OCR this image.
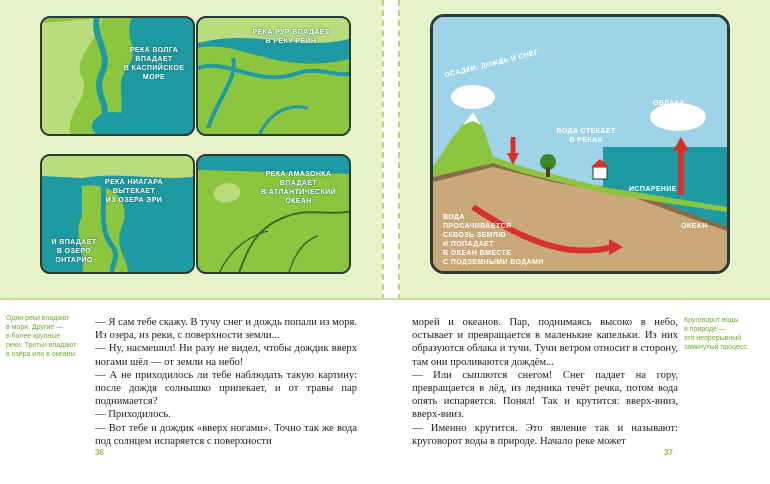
РЕКА ВОЛГА
ВПАДАЕТ
В КАСПИЙСКОЕ
МОРЕ
РЕКА РУР ВПАДАЕТ
В РЕКУ РЕЙН
РЕКА НИАГАРА
ВЫТЕКАЕТ
ИЗ ОЗЕРА ЭРИ
И ВПАДАЕТ
В ОЗЕРО
ОНТАРИО
РЕКА АМАЗОНКА
ВПАДАЕТ
В АТЛАНТИЧЕСКИЙ
ОКЕАН
ОСАДКИ: ДОЖДЬ И СНЕГ
ОБЛАКА
ВОДА СТЕКАЕТ
В РЕКАХ
ИСПАРЕНИЕ
ОКЕАН
ВОДА
ПРОСАЧИВАЕТСЯ
СКВОЗЬ ЗЕМЛЮ
И ПОПАДАЕТ
В ОКЕАН ВМЕСТЕ
С ПОДЗЕМНЫМИ ВОДАМИ
Одни реки впадают
в моря. Другие —
в более крупные
реки. Третьи впадают
в озёра или в океаны
Круговорот воды
в природе —
это непрерывный
замкнутый процесс.

— Я сам тебе скажу. В тучу снег и дождь попали из моря. Из озера, из реки, с поверхности земли...

— Ну, насмешил! Ни разу не видел, чтобы дождик вверх ногами шёл — от земли на небо!

— А не приходилось ли тебе наблюдать такую картину: после дождя солнышко припекает, и от травы пар поднимается?

— Приходилось.

— Вот тебе и дождик «вверх ногами». Точно так же вода под солнцем испаряется с поверхности

морей и океанов. Пар, поднимаясь высоко в небо, остывает и превращается в маленькие капельки. Из них образуются облака и тучи. Тучи ветром относит в сторону, там они проливаются дождём...

— Или сыплются снегом! Снег падает на гору, превращается в лёд, из ледника течёт речка, потом вода опять испаряется. Понял! Так и крутится: вверх-вниз, вверх-вниз.

— Именно крутится. Это явление так и называют: круговорот воды в природе. Начало реке может

36	37
